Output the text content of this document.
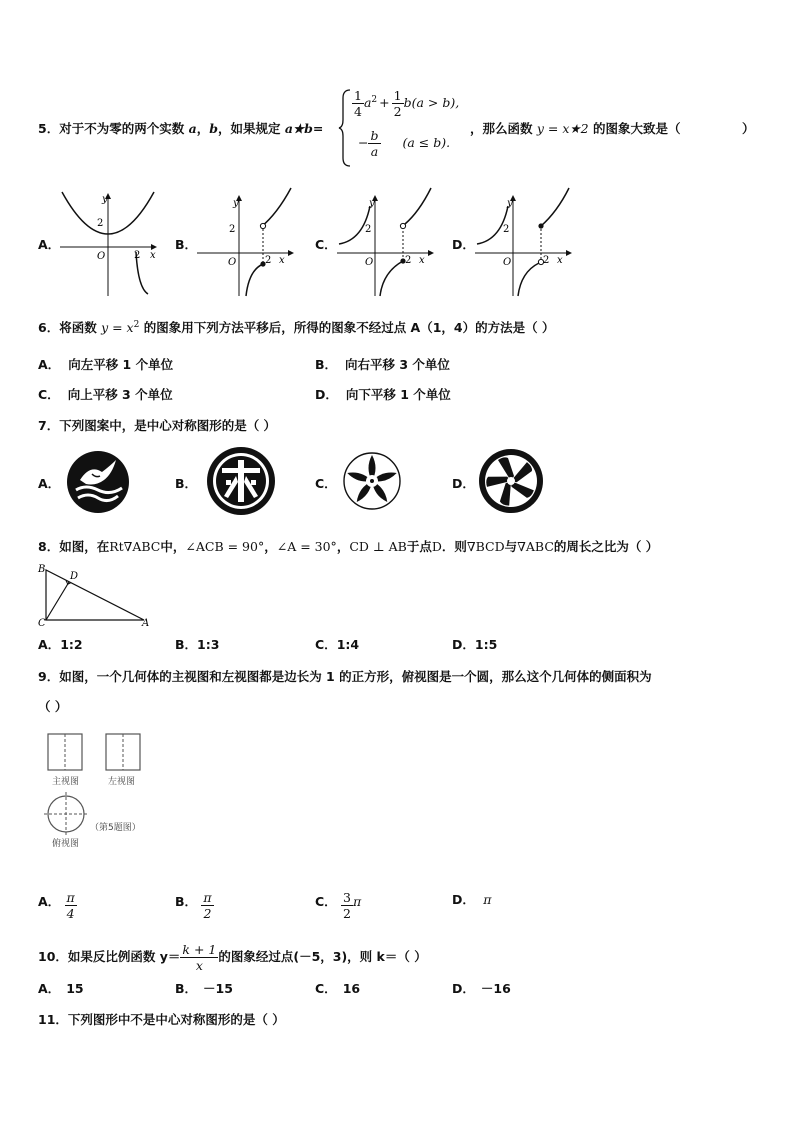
5．对于不为零的两个实数 a，b，如果规定 a★b=
$\frac{1}{4} a^2 + \frac{1}{2} b(a > b)$,
− $\frac{b}{a} (a \le b)$.
，那么函数 y = x★2 的图象大致是（	）
A．	B．	C．	D．
y
2
O	2 x
y
2
O	2 x
y
2
O	2 x
y
2
O	2 x
6．将函数 $y = x^2$ 的图象用下列方法平移后，所得的图象不经过点 A（1，4）的方法是（ ）
A． 向左平移 1 个单位	B． 向右平移 3 个单位
C． 向上平移 3 个单位	D． 向下平移 1 个单位
7．下列图案中，是中心对称图形的是（ ）
A．	B．	C．	D．
8．如图，在Rt∇ABC中，∠ACB = 90°，∠A = 30°，CD ⊥ AB于点D．则∇BCD与∇ABC的周长之比为（ ）
B
D
C	A
A．1:2	B．1:3	C．1:4	D．1:5
9．如图，一个几何体的主视图和左视图都是边长为 1 的正方形，俯视图是一个圆，那么这个几何体的侧面积为
（ ）
主视图	左视图
俯视图
（第5题图）
A． $\frac{\pi}{4}$	B． $\frac{\pi}{2}$	C． $\frac{3}{2}$ π	D． π
10．如果反比例函数 $y= \frac{k + 1}{x}$ 的图象经过点(－5，3)，则 k＝（ ）
A． 15	B． －15	C． 16	D． －16
11．下列图形中不是中心对称图形的是（ ）
